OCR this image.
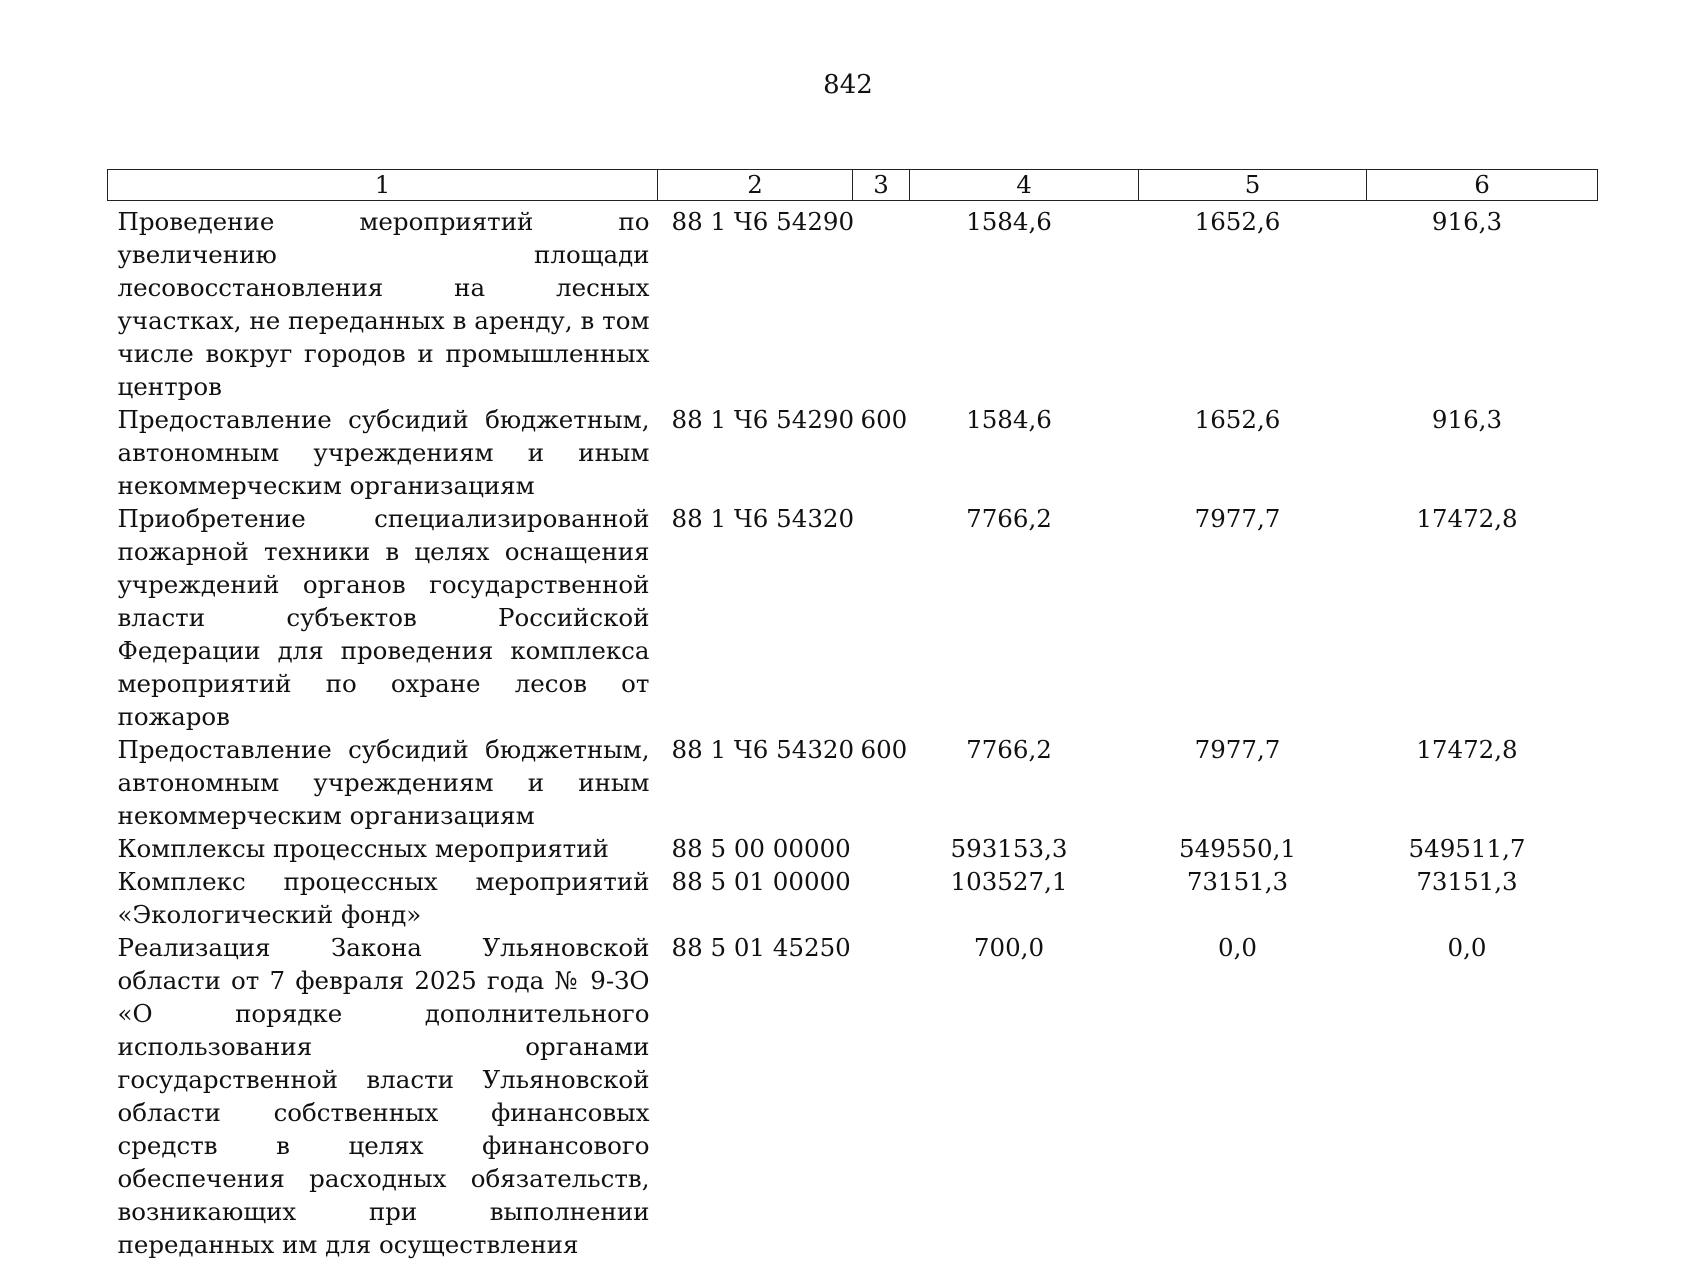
842
1	2	3	4	5	6
Проведение мероприятий по увеличению площади лесовосстановления на лесных участках, не переданных в аренду, в том числе вокруг городов и промышленных центров	88 1 Ч6 54290		1584,6	1652,6	916,3
Предоставление субсидий бюджетным, автономным учреждениям и иным некоммерческим организациям	88 1 Ч6 54290	600	1584,6	1652,6	916,3
Приобретение специализированной пожарной техники в целях оснащения учреждений органов государственной власти субъектов Российской Федерации для проведения комплекса мероприятий по охране лесов от пожаров	88 1 Ч6 54320		7766,2	7977,7	17472,8
Предоставление субсидий бюджетным, автономным учреждениям и иным некоммерческим организациям	88 1 Ч6 54320	600	7766,2	7977,7	17472,8
Комплексы процессных мероприятий	88 5 00 00000		593153,3	549550,1	549511,7
Комплекс процессных мероприятий «Экологический фонд»	88 5 01 00000		103527,1	73151,3	73151,3
Реализация Закона Ульяновской области от 7 февраля 2025 года № 9-ЗО «О порядке дополнительного использования органами государственной власти Ульяновской области собственных финансовых средств в целях финансового обеспечения расходных обязательств, возникающих при выполнении переданных им для осуществления	88 5 01 45250		700,0	0,0	0,0
